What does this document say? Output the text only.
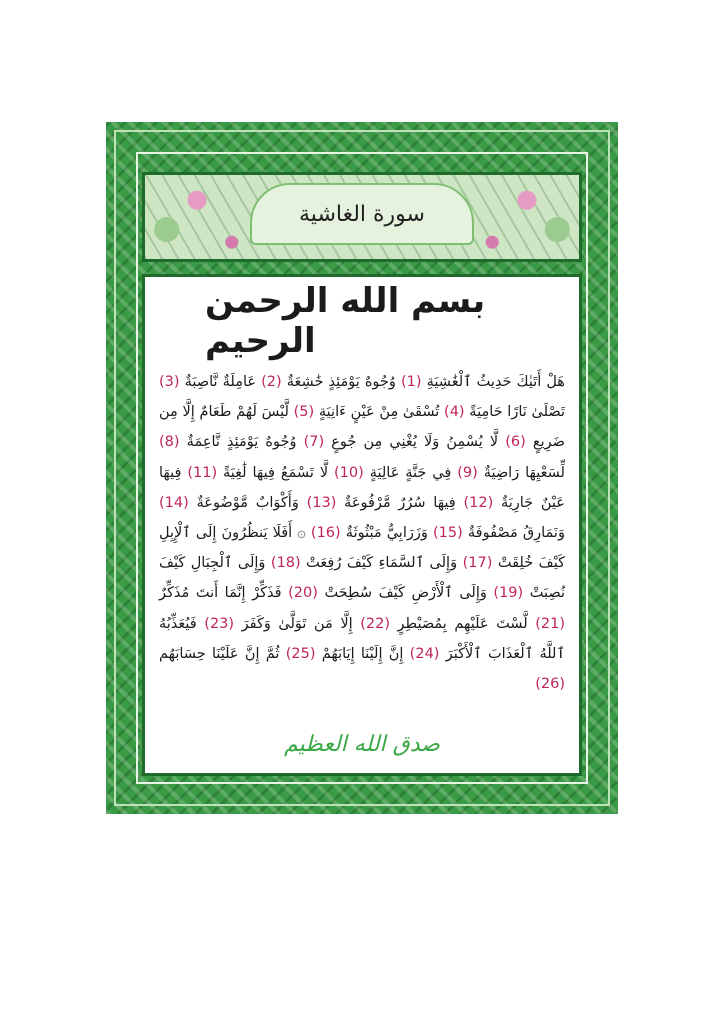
سورة الغاشية
بسم الله الرحمن الرحيم
هَلْ أَتَيٰكَ حَدِيثُ ٱلْغَٰشِيَةِ (1) وُجُوهٌ يَوْمَئِذٍ خَٰشِعَةٌ (2) عَامِلَةٌ نَّاصِبَةٌ (3) تَصْلَىٰ نَارًا حَامِيَةً (4) تُسْقَىٰ مِنْ عَيْنٍ ءَانِيَةٍ (5) لَّيْسَ لَهُمْ طَعَامٌ إِلَّا مِن ضَرِيعٍ (6) لَّا يُسْمِنُ وَلَا يُغْنِي مِن جُوعٍ (7) وُجُوهٌ يَوْمَئِذٍ نَّاعِمَةٌ (8) لِّسَعْيِهَا رَاضِيَةٌ (9) فِي جَنَّةٍ عَالِيَةٍ (10) لَّا تَسْمَعُ فِيهَا لَٰغِيَةً (11) فِيهَا عَيْنٌ جَارِيَةٌ (12) فِيهَا سُرُرٌ مَّرْفُوعَةٌ (13) وَأَكْوَابٌ مَّوْضُوعَةٌ (14) وَنَمَارِقُ مَصْفُوفَةٌ (15) وَزَرَابِيُّ مَبْثُوثَةٌ (16) ۞ أَفَلَا يَنظُرُونَ إِلَى ٱلْإِبِلِ كَيْفَ خُلِقَتْ (17) وَإِلَى ٱلسَّمَاءِ كَيْفَ رُفِعَتْ (18) وَإِلَى ٱلْجِبَالِ كَيْفَ نُصِبَتْ (19) وَإِلَى ٱلْأَرْضِ كَيْفَ سُطِحَتْ (20) فَذَكِّرْ إِنَّمَا أَنتَ مُذَكِّرٌ (21) لَّسْتَ عَلَيْهِم بِمُصَيْطِرٍ (22) إِلَّا مَن تَوَلَّىٰ وَكَفَرَ (23) فَيُعَذِّبُهُ ٱللَّهُ ٱلْعَذَابَ ٱلْأَكْبَرَ (24) إِنَّ إِلَيْنَا إِيَابَهُمْ (25) ثُمَّ إِنَّ عَلَيْنَا حِسَابَهُم (26)
صدق الله العظيم
